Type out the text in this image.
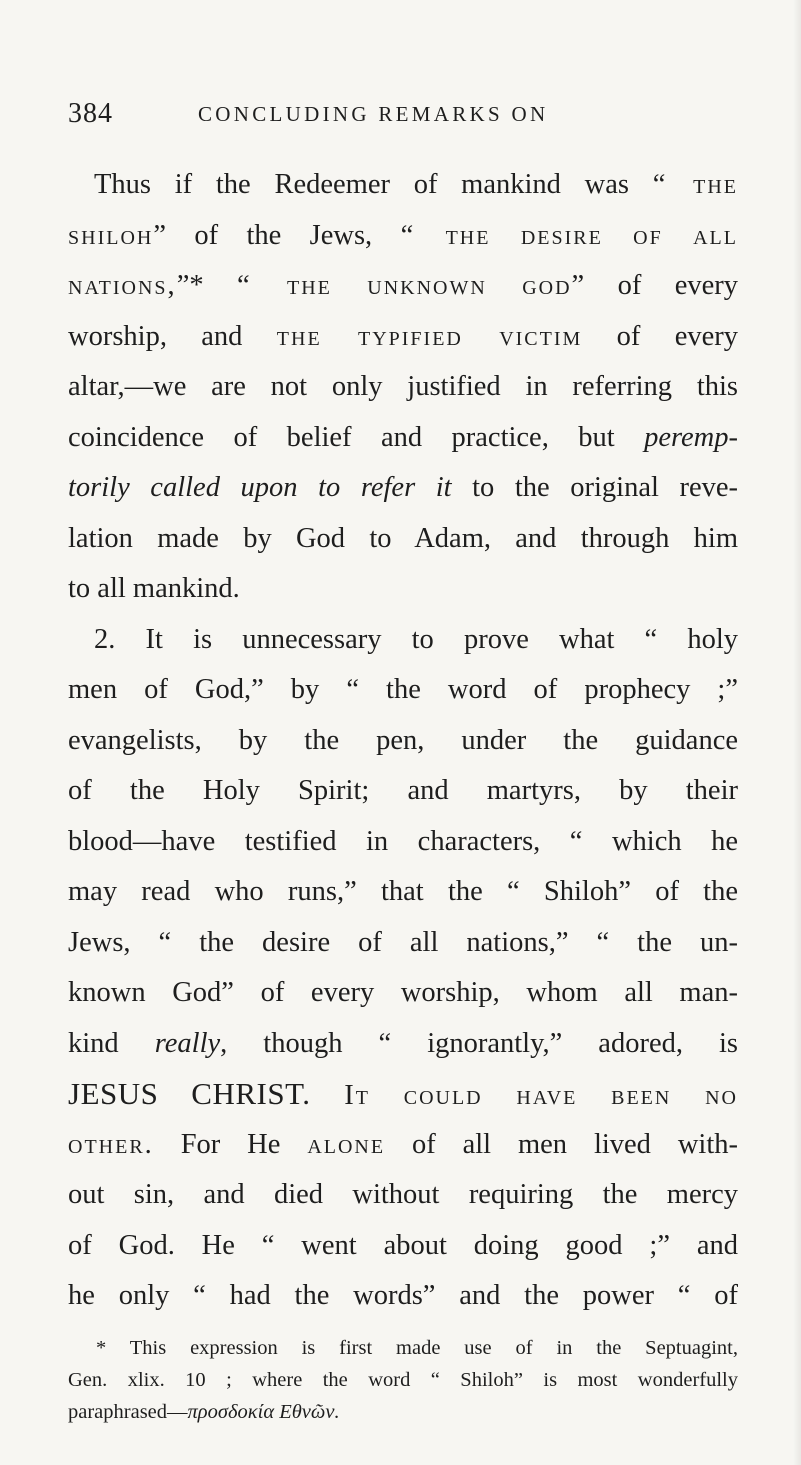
384	CONCLUDING REMARKS ON
Thus if the Redeemer of mankind was “ the
shiloh” of the Jews, “ the desire of all
nations,”* “ the unknown god” of every
worship, and the typified victim of every
altar,—we are not only justified in referring this
coincidence of belief and practice, but peremp-
torily called upon to refer it to the original reve-
lation made by God to Adam, and through him
to all mankind.
2. It is unnecessary to prove what “ holy
men of God,” by “ the word of prophecy ;”
evangelists, by the pen, under the guidance
of the Holy Spirit; and martyrs, by their
blood—have testified in characters, “ which he
may read who runs,” that the “ Shiloh” of the
Jews, “ the desire of all nations,” “ the un-
known God” of every worship, whom all man-
kind really, though “ ignorantly,” adored, is
JESUS CHRIST. It could have been no
other. For He alone of all men lived with-
out sin, and died without requiring the mercy
of God. He “ went about doing good ;” and
he only “ had the words” and the power “ of
* This expression is first made use of in the Septuagint,
Gen. xlix. 10 ; where the word “ Shiloh” is most wonderfully
paraphrased—προσδοκία Εθνῶν.
